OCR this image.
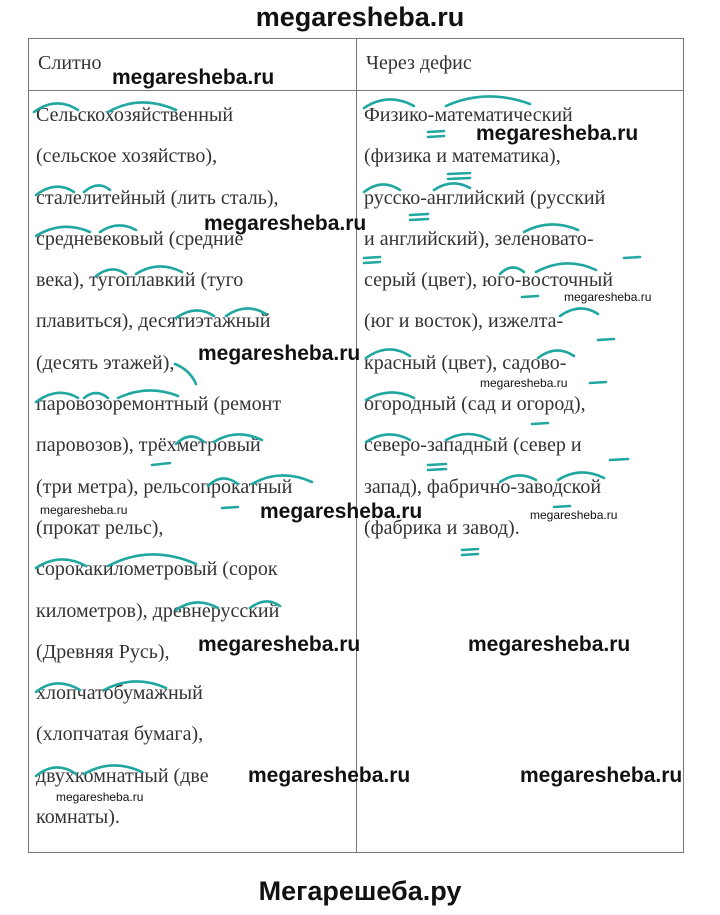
megaresheba.ru
Слитно	Через дефис
Сельскохозяйственный
(сельское хозяйство),
сталелитейный (лить сталь),
средневековый (средние
века), тугоплавкий (туго
плавиться), десятиэтажный
(десять этажей),
паровозоремонтный (ремонт
паровозов), трёхметровый
(три метра), рельсопрокатный
(прокат рельс),
сорокакилометровый (сорок
километров), древнерусский
(Древняя Русь),
хлопчатобумажный
(хлопчатая бумага),
двухкомнатный (две
комнаты).
Физико-математический
(физика и математика),
русско-английский (русский
и английский), зеленовато-
серый (цвет), юго-восточный
(юг и восток), изжелта-
красный (цвет), садово-
огородный (сад и огород),
северо-западный (север и
запад), фабрично-заводской
(фабрика и завод).
megaresheba.ru
megaresheba.ru
megaresheba.ru
megaresheba.ru
megaresheba.ru
megaresheba.ru
megaresheba.ru	megaresheba.ru	megaresheba.ru
megaresheba.ru	megaresheba.ru
megaresheba.ru	megaresheba.ru
megaresheba.ru
Мегарешеба.ру
